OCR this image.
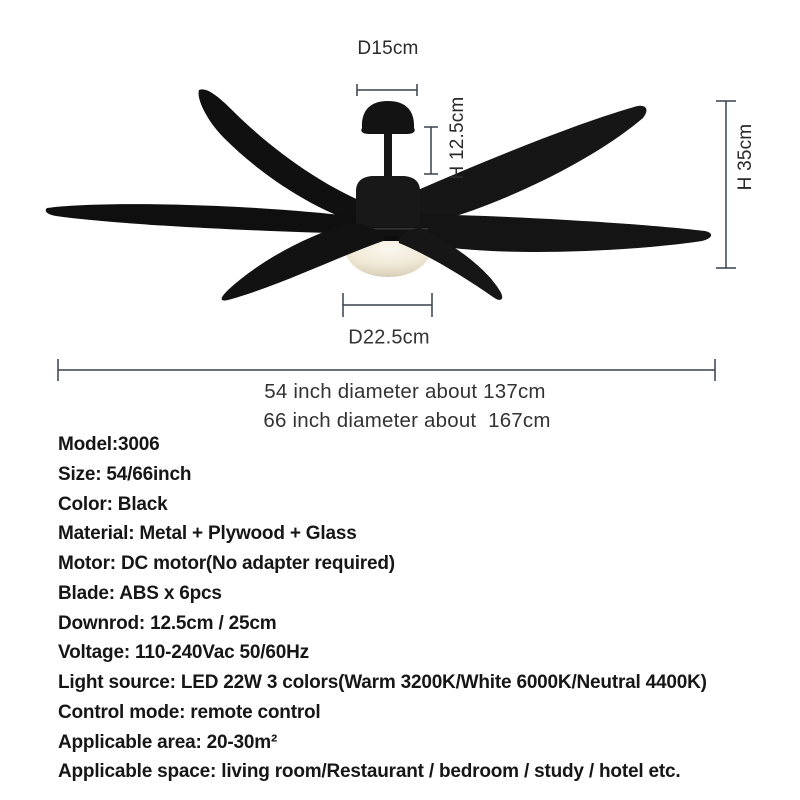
D15cm
H 12.5cm	H 35cm
D22.5cm
54 inch diameter about 137cm
66 inch diameter about  167cm
Model:3006
Size: 54/66inch
Color: Black
Material: Metal + Plywood + Glass
Motor: DC motor(No adapter required)
Blade: ABS x 6pcs
Downrod: 12.5cm / 25cm
Voltage: 110-240Vac 50/60Hz
Light source: LED 22W 3 colors(Warm 3200K/White 6000K/Neutral 4400K)
Control mode: remote control
Applicable area: 20-30m²
Applicable space: living room/Restaurant / bedroom / study / hotel etc.
